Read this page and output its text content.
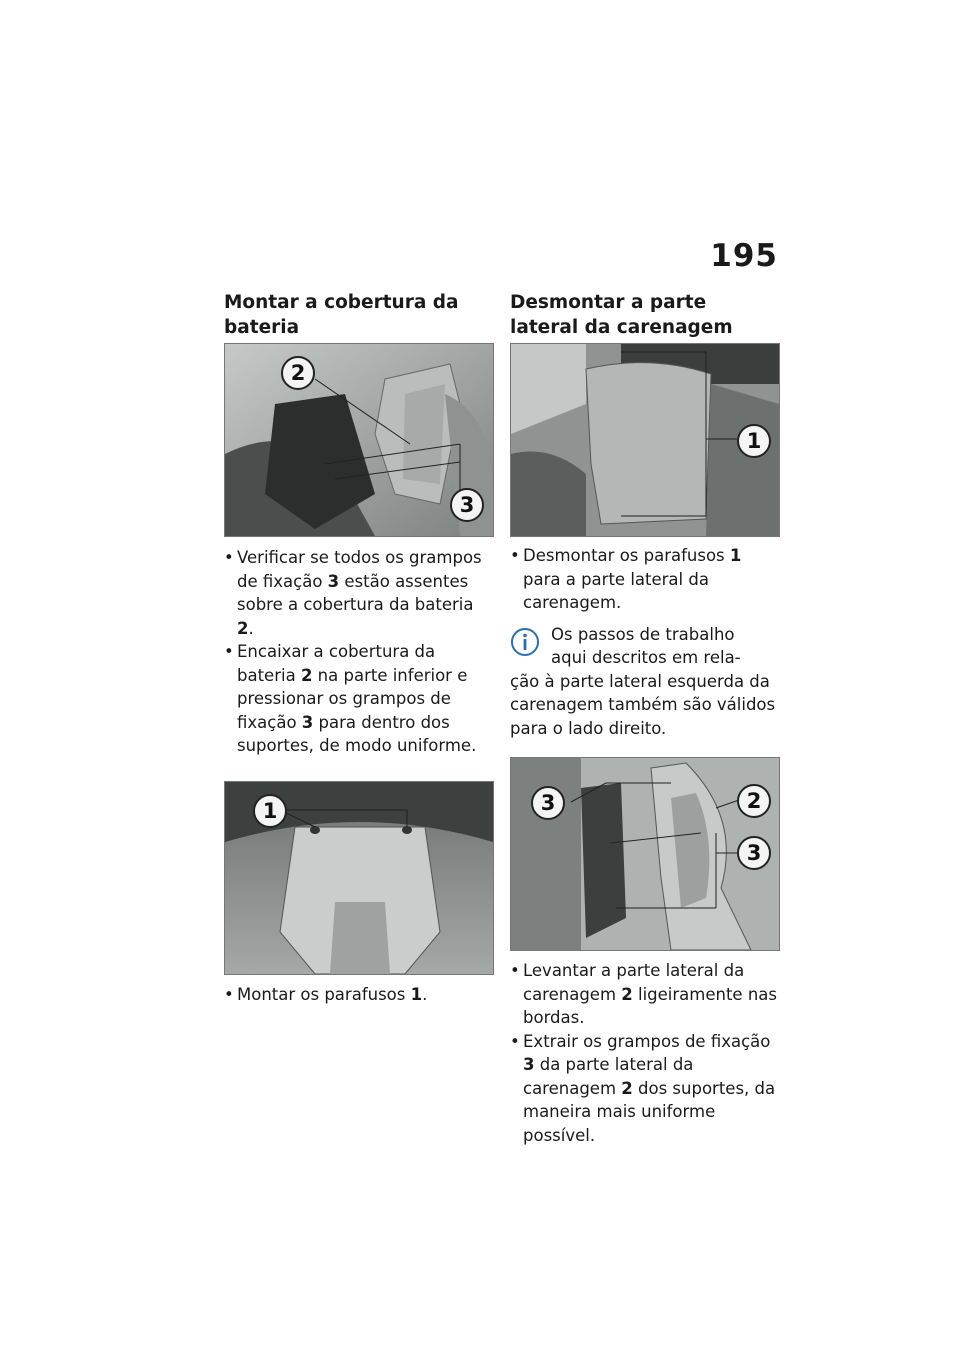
195
Montar a cobertura da bateria
2
3
• Verificar se todos os grampos de fixação 3 estão assentes sobre a cobertura da bateria 2.
• Encaixar a cobertura da bateria 2 na parte inferior e pressionar os grampos de fixação 3 para dentro dos suportes, de modo uniforme.
1
• Montar os parafusos 1.
Desmontar a parte lateral da carenagem
1
• Desmontar os parafusos 1 para a parte lateral da carenagem.
Os passos de trabalho
aqui descritos em rela-
ção à parte lateral esquerda da carenagem também são válidos para o lado direito.
3	2
3
• Levantar a parte lateral da carenagem 2 ligeiramente nas bordas.
• Extrair os grampos de fixação 3 da parte lateral da carenagem 2 dos suportes, da maneira mais uniforme possível.
